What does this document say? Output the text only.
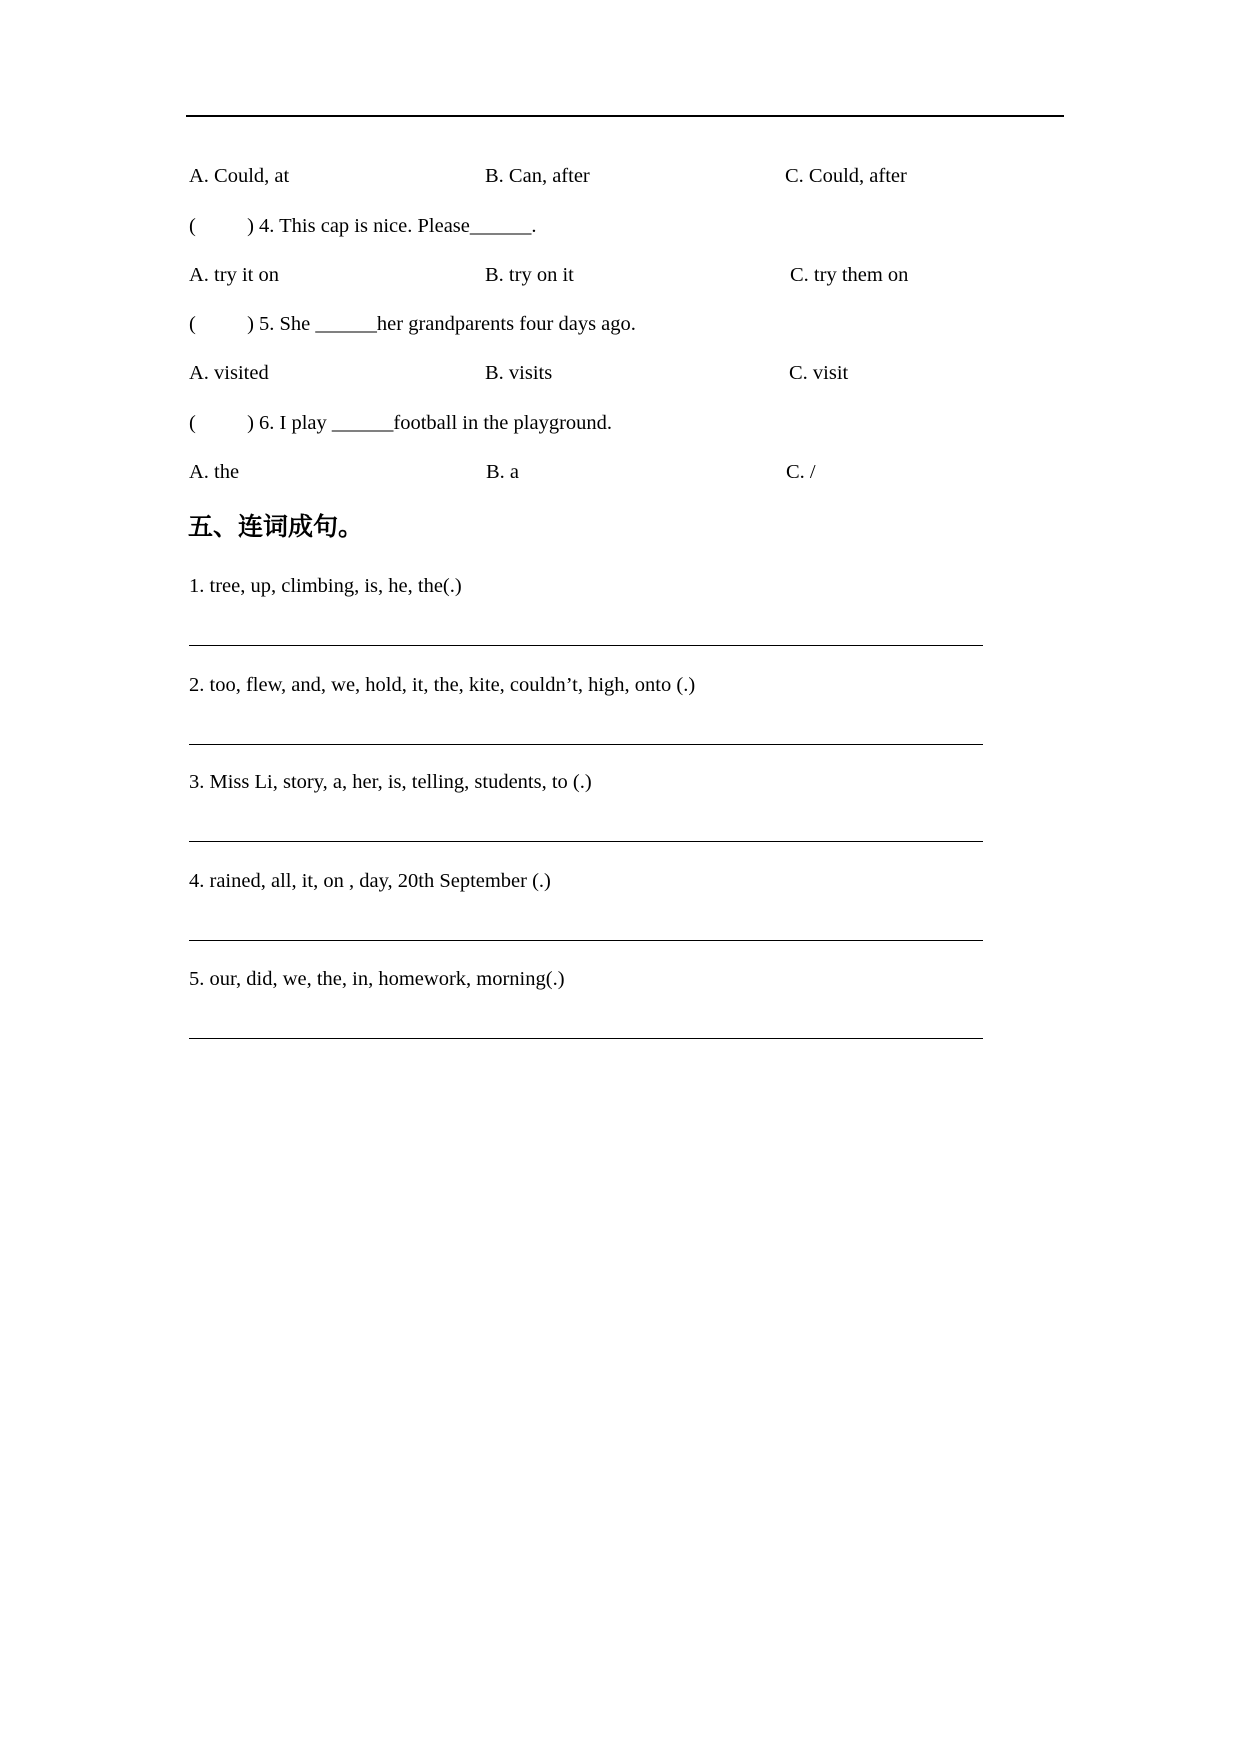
A. Could, at	B. Can, after	C. Could, after
(          ) 4. This cap is nice. Please______.
A. try it on	B. try on it	C. try them on
(          ) 5. She ______her grandparents four days ago.
A. visited	B. visits	C. visit
(          ) 6. I play ______football in the playground.
A. the	B. a	C. /
五、连词成句。
1. tree, up, climbing, is, he, the(.)
2. too, flew, and, we, hold, it, the, kite, couldn’t, high, onto (.)
3. Miss Li, story, a, her, is, telling, students, to (.)
4. rained, all, it, on , day, 20th September (.)
5. our, did, we, the, in, homework, morning(.)
